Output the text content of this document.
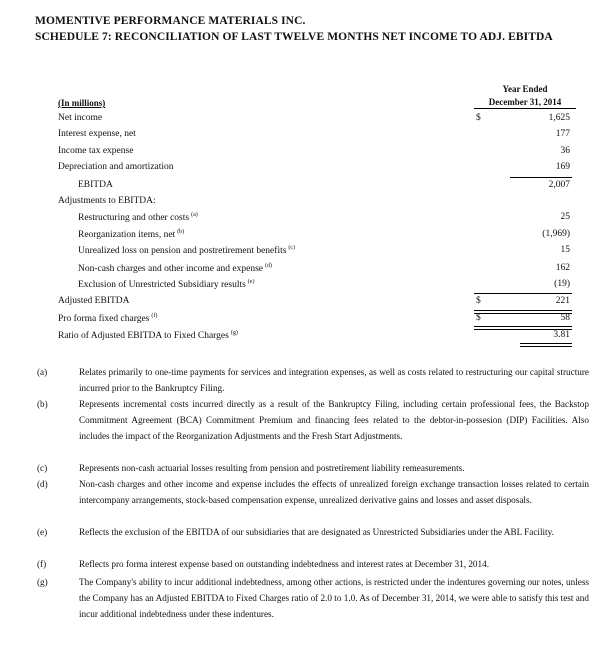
MOMENTIVE PERFORMANCE MATERIALS INC.
SCHEDULE 7: RECONCILIATION OF LAST TWELVE MONTHS NET INCOME TO ADJ. EBITDA
Year Ended
December 31, 2014
(In millions)
Net income	$	1,625
Interest expense, net	177
Income tax expense	36
Depreciation and amortization	169
EBITDA	2,007
Adjustments to EBITDA:
Restructuring and other costs $^{(a)}$	25
Reorganization items, net $^{(b)}$	(1,969)
Unrealized loss on pension and postretirement benefits $^{(c)}$	15
Non-cash charges and other income and expense $^{(d)}$	162
Exclusion of Unrestricted Subsidiary results $^{(e)}$	(19)
Adjusted EBITDA	$	221
Pro forma fixed charges $^{(f)}$	$	58
Ratio of Adjusted EBITDA to Fixed Charges $^{(g)}$	3.81
(a)	Relates primarily to one-time payments for services and integration expenses, as well as costs related to restructuring our capital structure incurred prior to the Bankruptcy Filing.
(b)	Represents incremental costs incurred directly as a result of the Bankruptcy Filing, including certain professional fees, the Backstop Commitment Agreement (BCA) Commitment Premium and financing fees related to the debtor-in-possesion (DIP) Facilities. Also includes the impact of the Reorganization Adjustments and the Fresh Start Adjustments.
(c)	Represents non-cash actuarial losses resulting from pension and postretirement liability remeasurements.
(d)	Non-cash charges and other income and expense includes the effects of unrealized foreign exchange transaction losses related to certain intercompany arrangements, stock-based compensation expense, unrealized derivative gains and losses and asset disposals.
(e)	Reflects the exclusion of the EBITDA of our subsidiaries that are designated as Unrestricted Subsidiaries under the ABL Facility.
(f)	Reflects pro forma interest expense based on outstanding indebtedness and interest rates at December 31, 2014.
(g)	The Company's ability to incur additional indebtedness, among other actions, is restricted under the indentures governing our notes, unless the Company has an Adjusted EBITDA to Fixed Charges ratio of 2.0 to 1.0. As of December 31, 2014, we were able to satisfy this test and incur additional indebtedness under these indentures.
